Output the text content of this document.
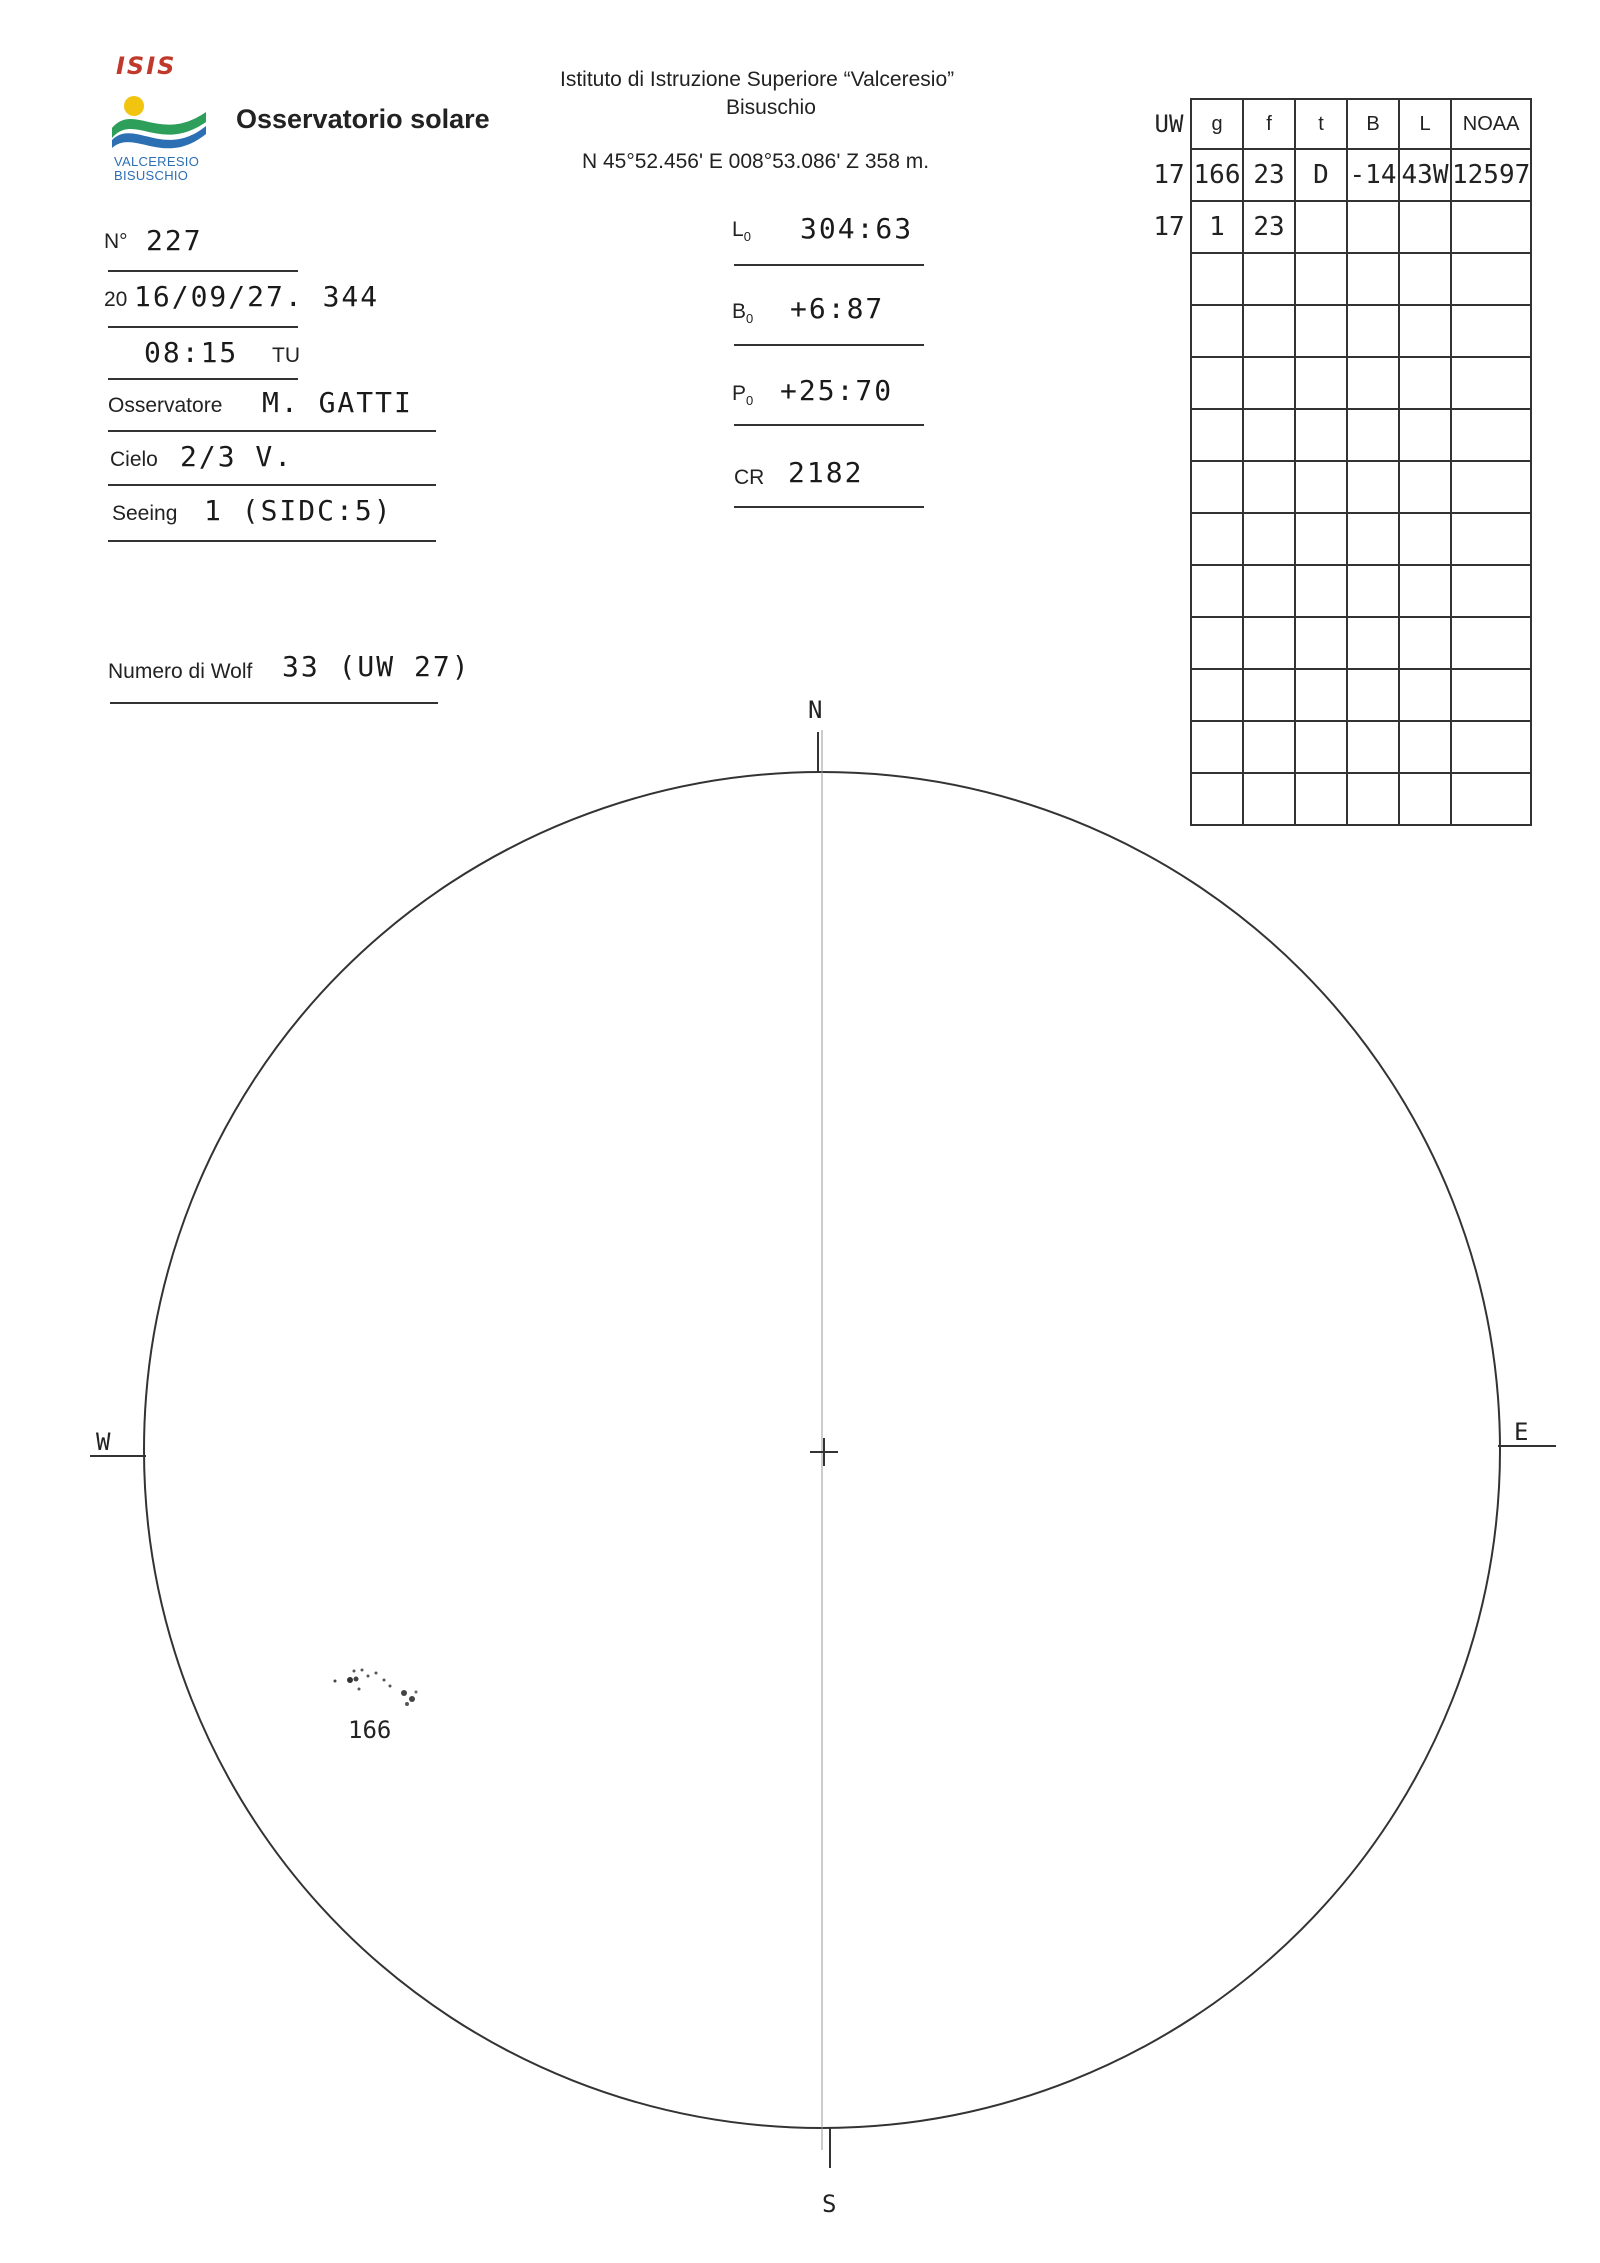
ISIS
VALCERESIO
BISUSCHIO
Osservatorio solare
Istituto di Istruzione Superiore “Valceresio”
Bisuschio
N 45°52.456' E 008°53.086' Z 358 m.
N° 227
20 16/09/27. 344
08:15 TU
Osservatore M. GATTI
Cielo 2/3 V.
Seeing 1 (SIDC:5)
Numero di Wolf 33 (UW 27)
$L_0$ 304:63
$B_0$ +6:87
$P_0$ +25:70
CR 2182
UW	g	f	t	B	L	NOAA
17	166	23	D	-14	43W	12597
17	1	23				

N
S
E
W
166
